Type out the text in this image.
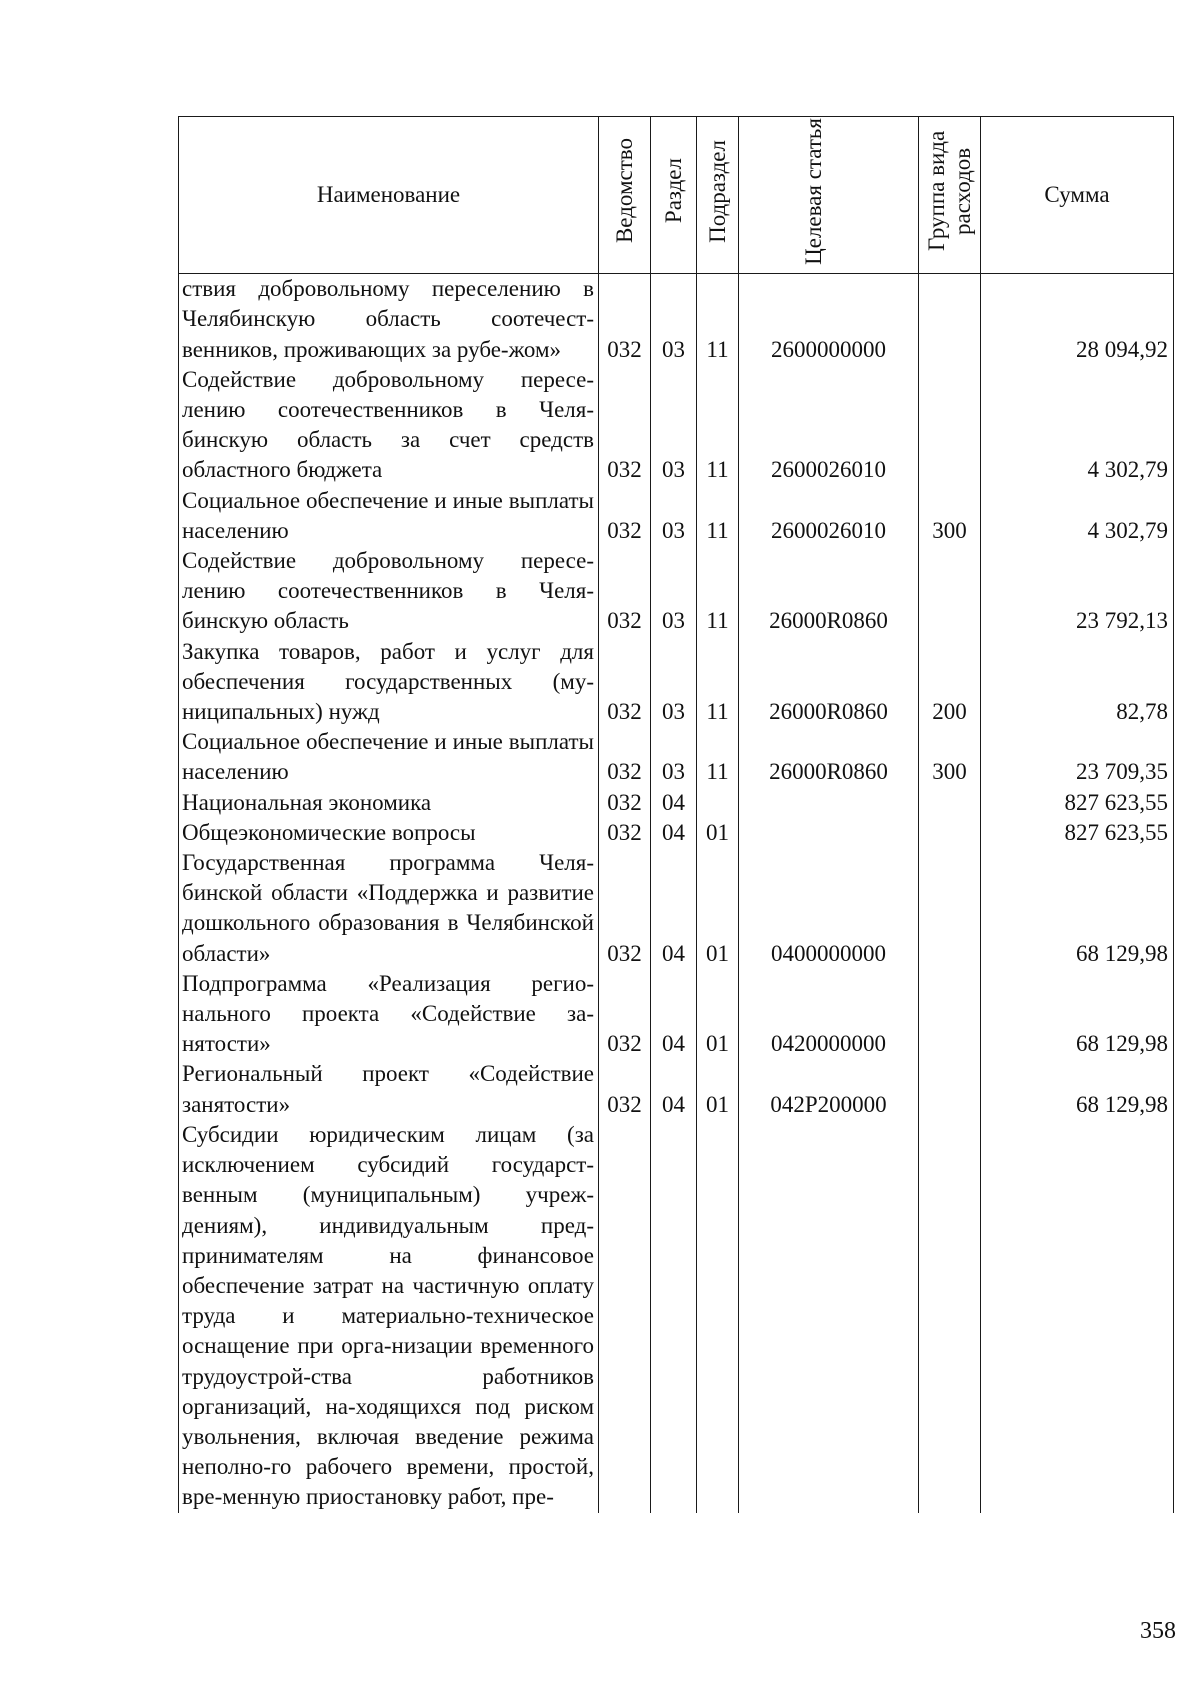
Наименование	Ведомство	Раздел	Подраздел	Целевая статья	Группа вида расходов	Сумма
ствия добровольному переселению в Челябинскую область соотечест-венников, проживающих за рубе-жом»	032	03	11	2600000000		28 094,92
Содействие добровольному пересе-лению соотечественников в Челя-бинскую область за счет средств областного бюджета	032	03	11	2600026010		4 302,79
Социальное обеспечение и иные выплаты населению	032	03	11	2600026010	300	4 302,79
Содействие добровольному пересе-лению соотечественников в Челя-бинскую область	032	03	11	26000R0860		23 792,13
Закупка товаров, работ и услуг для обеспечения государственных (му-ниципальных) нужд	032	03	11	26000R0860	200	82,78
Социальное обеспечение и иные выплаты населению	032	03	11	26000R0860	300	23 709,35
Национальная экономика	032	04				827 623,55
Общеэкономические вопросы	032	04	01			827 623,55
Государственная программа Челя-бинской области «Поддержка и развитие дошкольного образования в Челябинской области»	032	04	01	0400000000		68 129,98
Подпрограмма «Реализация регио-нального проекта «Содействие за-нятости»	032	04	01	0420000000		68 129,98
Региональный проект «Содействие занятости»	032	04	01	042P200000		68 129,98
Субсидии юридическим лицам (за исключением субсидий государст-венным (муниципальным) учреж-дениям), индивидуальным пред-принимателям на финансовое обеспечение затрат на частичную оплату труда и материально-техническое оснащение при орга-низации временного трудоустрой-ства работников организаций, на-ходящихся под риском увольнения, включая введение режима неполно-го рабочего времени, простой, вре-менную приостановку работ, пре-						
358
